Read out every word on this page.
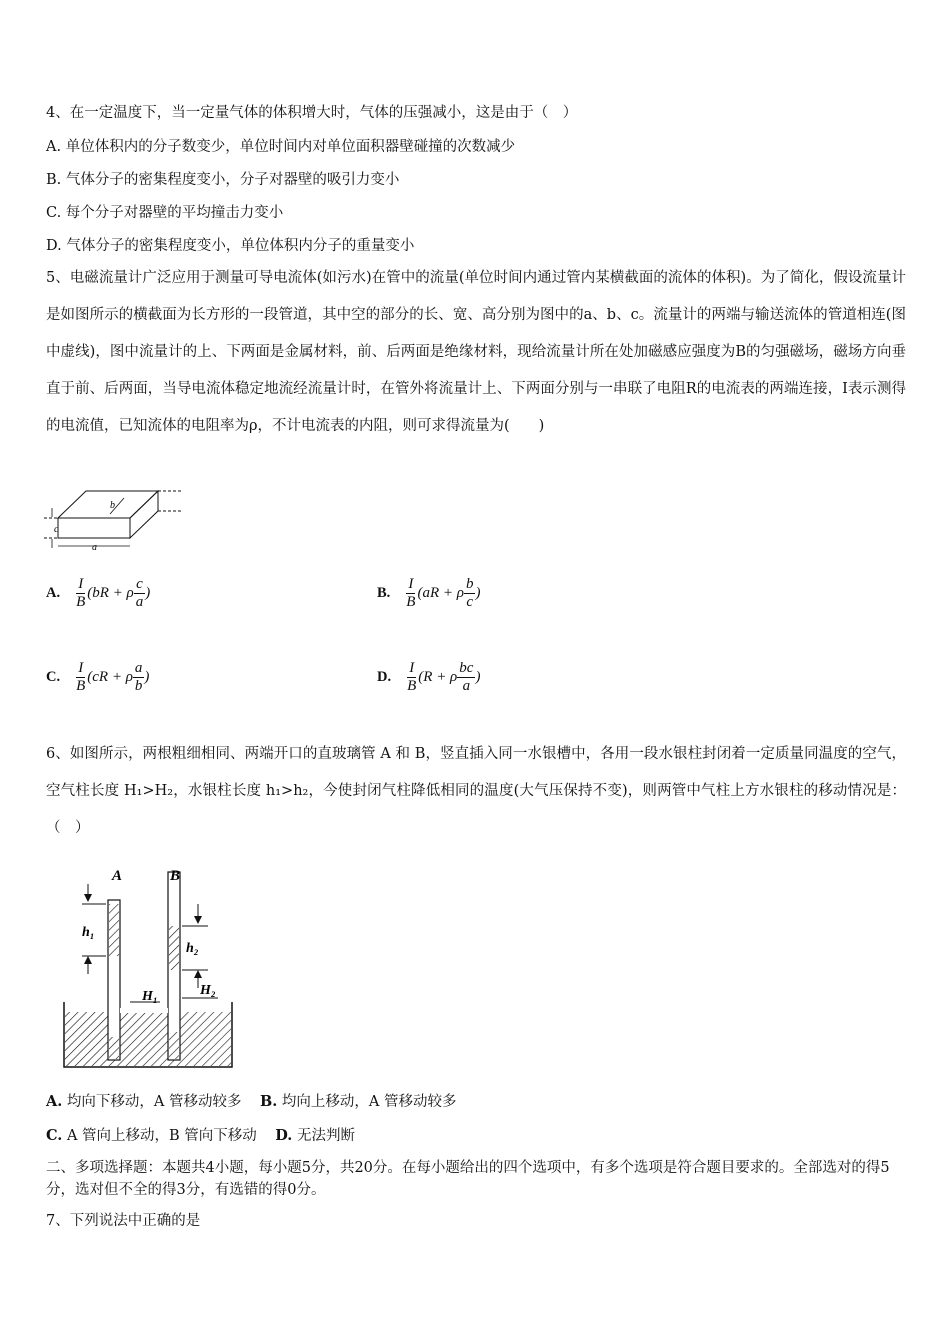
4、在一定温度下，当一定量气体的体积增大时，气体的压强减小，这是由于（　）
A. 单位体积内的分子数变少，单位时间内对单位面积器壁碰撞的次数减少
B. 气体分子的密集程度变小，分子对器壁的吸引力变小
C. 每个分子对器壁的平均撞击力变小
D. 气体分子的密集程度变小，单位体积内分子的重量变小
5、电磁流量计广泛应用于测量可导电流体(如污水)在管中的流量(单位时间内通过管内某横截面的流体的体积)。为了简化，假设流量计是如图所示的横截面为长方形的一段管道，其中空的部分的长、宽、高分别为图中的a、b、c。流量计的两端与输送流体的管道相连(图中虚线)，图中流量计的上、下两面是金属材料，前、后两面是绝缘材料，现给流量计所在处加磁感应强度为B的匀强磁场，磁场方向垂直于前、后两面，当导电流体稳定地流经流量计时，在管外将流量计上、下两面分别与一串联了电阻R的电流表的两端连接，I表示测得的电流值，已知流体的电阻率为ρ，不计电流表的内阻，则可求得流量为(　　)
b
c
a
A. $\frac{I}{B} (bR + \rho \frac{c}{a}$ )	B. $\frac{I}{B} (aR + \rho \frac{b}{c}$ )
C. $\frac{I}{B} (cR + \rho \frac{a}{b}$ )	D. $\frac{I}{B} (R + \rho \frac{bc}{a}$ )
6、如图所示，两根粗细相同、两端开口的直玻璃管 A 和 B，竖直插入同一水银槽中，各用一段水银柱封闭着一定质量同温度的空气，空气柱长度 H₁>H₂，水银柱长度 h₁>h₂，今使封闭气柱降低相同的温度(大气压保持不变)，则两管中气柱上方水银柱的移动情况是：（　）
A	B
h₁
h₂
H₁	H₂
A. 均向下移动，A 管移动较多 B. 均向上移动，A 管移动较多
C. A 管向上移动，B 管向下移动 D. 无法判断
二、多项选择题：本题共4小题，每小题5分，共20分。在每小题给出的四个选项中，有多个选项是符合题目要求的。全部选对的得5分，选对但不全的得3分，有选错的得0分。
7、下列说法中正确的是
